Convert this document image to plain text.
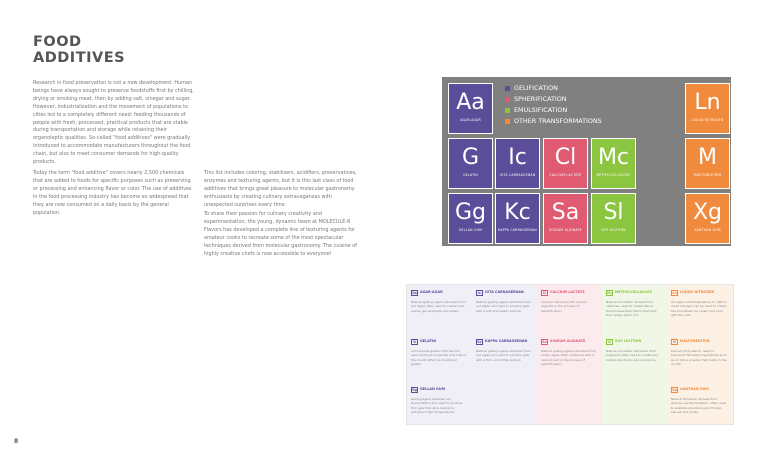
FOOD
ADDITIVES
Research in food preservation is not a new development. Human beings have always sought to preserve foodstuffs first by chilling, drying or smoking meat, then by adding salt, vinegar and sugar. However, industrialization and the movement of populations to cities led to a completely different need: feeding thousands of people with fresh, processed, practical products that are stable during transportation and storage while retaining their organoleptic qualities. So-called "food additives" were gradually introduced to accommodate manufacturers throughout the food chain, but also to meet consumer demands for high-quality products.
Today the term "food additive" covers nearly 2,500 chemicals that are added to foods for specific purposes such as preserving or processing and enhancing flavor or color. The use of additives in the food processing industry has become so widespread that they are now consumed on a daily basis by the general population.
This list includes coloring, stabilizers, acidifiers, preservatives, enzymes and texturing agents, but it is this last class of food additives that brings great pleasure to molecular gastronomy enthusiasts by creating culinary extravaganzas with unexpected surprises every time.
To share their passion for culinary creativity and experimentation, the young, dynamic team at MOLECULE-R Flavors has developed a complete line of texturing agents for amateur cooks to recreate some of the most spectacular techniques derived from molecular gastronomy. The cuisine of highly creative chefs is now accessible to everyone!
8
Aa
AGAR-AGAR
Ln
LIQUID NITROGEN
G
GELATIN
Ic
IOTA CARRAGEENAN
Cl
CALCIUM LACTATE
Mc
METHYLCELLULOSE
M
MALTODEXTRIN
Gg
GELLAN GUM
Kc
KAPPA CARRAGEENAN
Sa
SODIUM ALGINATE
Sl
SOY LECITHIN
Xg
XANTHAN GUM
GELIFICATION
SPHERIFICATION
EMULSIFICATION
OTHER TRANSFORMATIONS
Aa AGAR-AGAR
Natural gelling agent extracted from red algae often used to create solid pearls, gel spaghetti and jellies.
G	GELATIN
Cold-soluble gelatin that has the same textural properties and melt-in-the-mouth effect as traditional gelatin.
Gg GELLAN GUM
Gelling agent obtained via fermentation and used to produce firm gels that slice cleanly & withstand high temperatures.
Ic	IOTA CARRAGEENAN
Natural gelling agent extracted from red algae and used to produce gels with a soft and elastic texture.
Kc KAPPA CARRAGEENAN
Natural gelling agent extracted from red algae and used to produce gels with a firm and brittle texture.
Cl	CALCIUM LACTATE
Calcium salt used with sodium alginate in the process of spherification.
Sa SODIUM ALGINATE
Natural gelling agent extracted from brown algae often combined with a calcium salt in the process of spherification.
Mc METHYLCELLULOSE
Natural emulsifier derived from cellulose, used to create dense, thermoreversible foams that hold their shape when hot.
Sl	SOY LECITHIN
Natural emulsifier extracted from soybeans often used to create airy, bubble-like foams and emulsions.
Ln LIQUID NITROGEN
At super-cold temperature of -196°C, liquid nitrogen can be used to create the smoothest ice cream and cook with the cold.
M	MALTODEXTRIN
Derived from starch, used to transform fat-based ingredients such as oil into a powder that melts in the mouth.
Xg XANTHAN GUM
Natural thickener derived from glucose via fermentation, often used to stabilize emulsions and thicken sauces and drinks.
